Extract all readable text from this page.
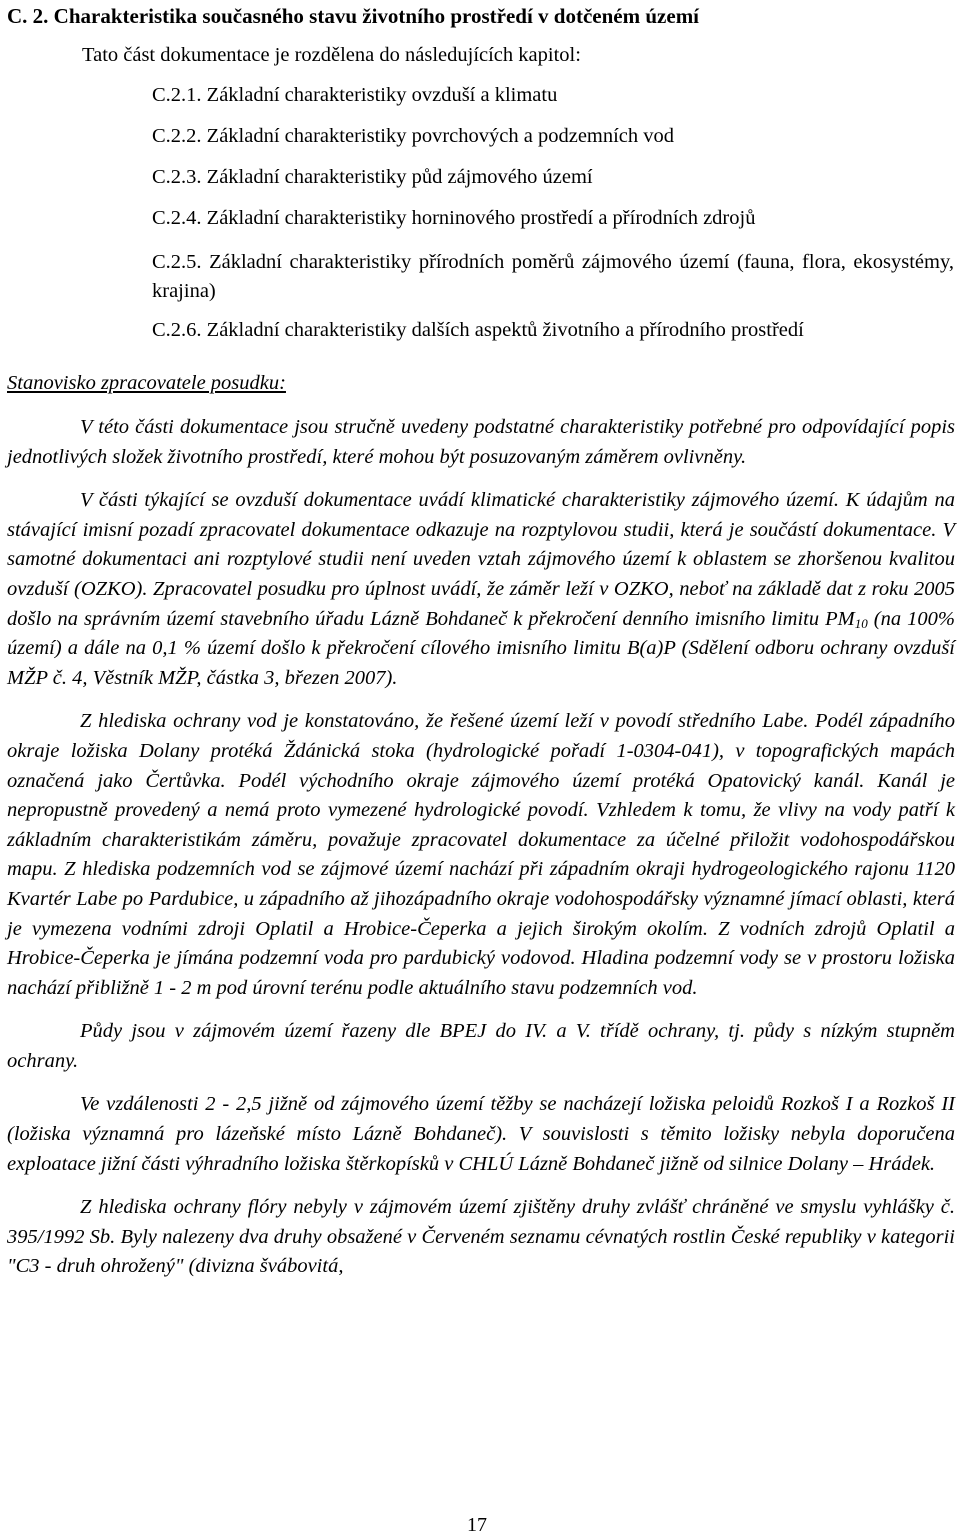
C. 2. Charakteristika současného stavu životního prostředí v dotčeném území
Tato část dokumentace je rozdělena do následujících kapitol:
C.2.1. Základní charakteristiky ovzduší a klimatu
C.2.2. Základní charakteristiky povrchových a podzemních vod
C.2.3. Základní charakteristiky půd zájmového území
C.2.4. Základní charakteristiky horninového prostředí a přírodních zdrojů
C.2.5. Základní charakteristiky přírodních poměrů zájmového území (fauna, flora, ekosystémy, krajina)
C.2.6. Základní charakteristiky dalších aspektů životního a přírodního prostředí
Stanovisko zpracovatele posudku:

V této části dokumentace jsou stručně uvedeny podstatné charakteristiky potřebné pro odpovídající popis jednotlivých složek životního prostředí, které mohou být posuzovaným záměrem ovlivněny.

V části týkající se ovzduší dokumentace uvádí klimatické charakteristiky zájmového území. K údajům na stávající imisní pozadí zpracovatel dokumentace odkazuje na rozptylovou studii, která je součástí dokumentace. V samotné dokumentaci ani rozptylové studii není uveden vztah zájmového území k oblastem se zhoršenou kvalitou ovzduší (OZKO). Zpracovatel posudku pro úplnost uvádí, že záměr leží v OZKO, neboť na základě dat z roku 2005 došlo na správním území stavebního úřadu Lázně Bohdaneč k překročení denního imisního limitu $PM_{10}$ (na 100% území) a dále na 0,1 % území došlo k překročení cílového imisního limitu B(a)P (Sdělení odboru ochrany ovzduší MŽP č. 4, Věstník MŽP, částka 3, březen 2007).

Z hlediska ochrany vod je konstatováno, že řešené území leží v povodí středního Labe. Podél západního okraje ložiska Dolany protéká Ždánická stoka (hydrologické pořadí 1-0304-041), v topografických mapách označená jako Čertůvka. Podél východního okraje zájmového území protéká Opatovický kanál. Kanál je nepropustně provedený a nemá proto vymezené hydrologické povodí. Vzhledem k tomu, že vlivy na vody patří k základním charakteristikám záměru, považuje zpracovatel dokumentace za účelné přiložit vodohospodářskou mapu. Z hlediska podzemních vod se zájmové území nachází při západním okraji hydrogeologického rajonu 1120 Kvartér Labe po Pardubice, u západního až jihozápadního okraje vodohospodářsky významné jímací oblasti, která je vymezena vodními zdroji Oplatil a Hrobice-Čeperka a jejich širokým okolím. Z vodních zdrojů Oplatil a Hrobice-Čeperka je jímána podzemní voda pro pardubický vodovod. Hladina podzemní vody se v prostoru ložiska nachází přibližně 1 - 2 m pod úrovní terénu podle aktuálního stavu podzemních vod.

Půdy jsou v zájmovém území řazeny dle BPEJ do IV. a V. třídě ochrany, tj. půdy s nízkým stupněm ochrany.

Ve vzdálenosti 2 - 2,5 jižně od zájmového území těžby se nacházejí ložiska peloidů Rozkoš I a Rozkoš II (ložiska významná pro lázeňské místo Lázně Bohdaneč). V souvislosti s těmito ložisky nebyla doporučena exploatace jižní části výhradního ložiska štěrkopísků v CHLÚ Lázně Bohdaneč jižně od silnice Dolany – Hrádek.

Z hlediska ochrany flóry nebyly v zájmovém území zjištěny druhy zvlášť chráněné ve smyslu vyhlášky č. 395/1992 Sb. Byly nalezeny dva druhy obsažené v Červeném seznamu cévnatých rostlin České republiky v kategorii "C3 - druh ohrožený" (divizna švábovitá,

17
